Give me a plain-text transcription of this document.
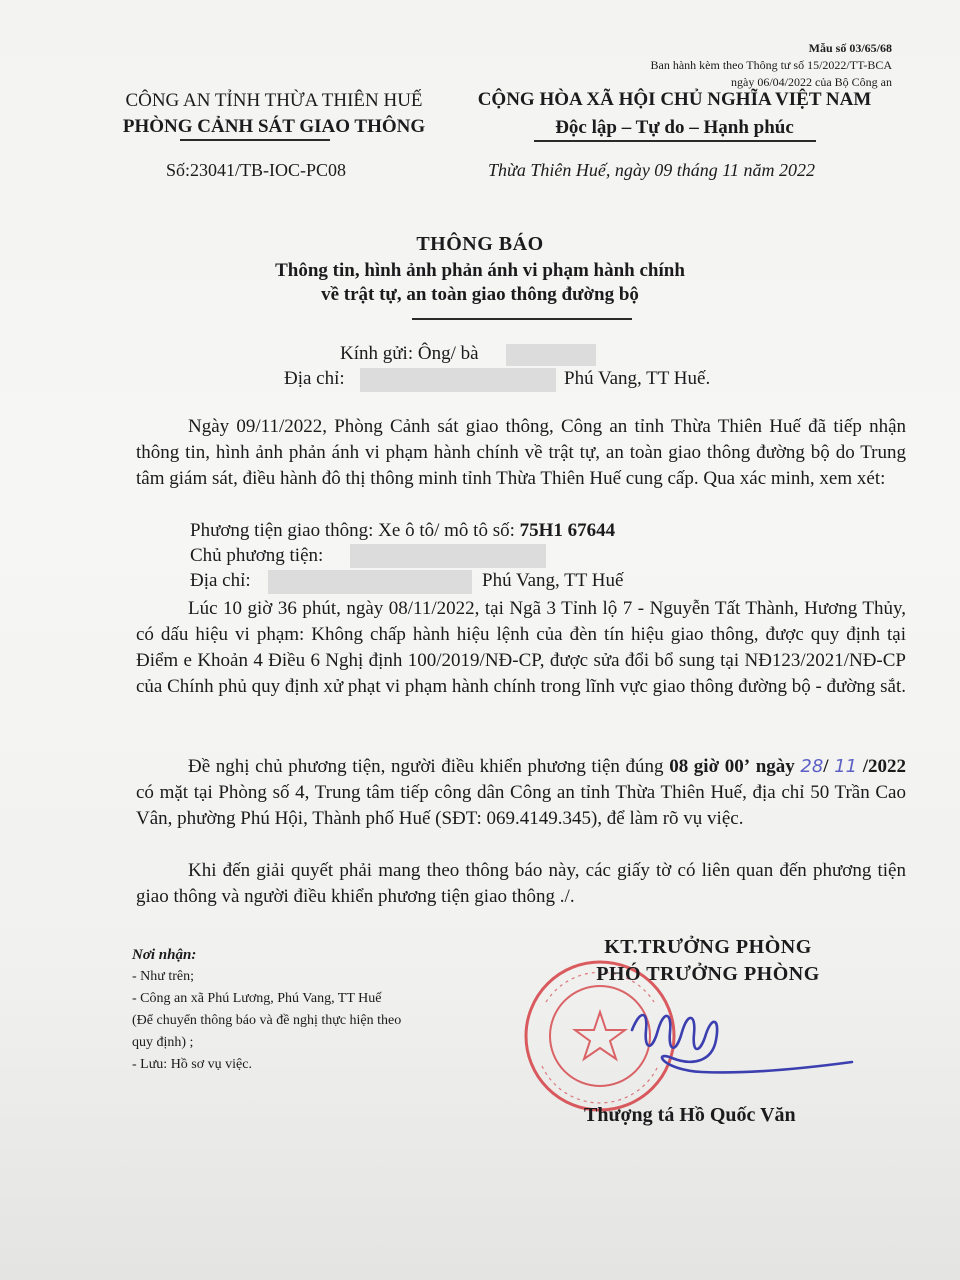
Mẫu số 03/65/68
Ban hành kèm theo Thông tư số 15/2022/TT-BCA
ngày 06/04/2022 của Bộ Công an
CÔNG AN TỈNH THỪA THIÊN HUẾ
PHÒNG CẢNH SÁT GIAO THÔNG
CỘNG HÒA XÃ HỘI CHỦ NGHĨA VIỆT NAM
Độc lập – Tự do – Hạnh phúc
Số:23041/TB-IOC-PC08	Thừa Thiên Huế, ngày 09 tháng 11 năm 2022
THÔNG BÁO
Thông tin, hình ảnh phản ánh vi phạm hành chính
về trật tự, an toàn giao thông đường bộ
Kính gửi: Ông/ bà
Địa chỉ:	Phú Vang, TT Huế.
Ngày 09/11/2022, Phòng Cảnh sát giao thông, Công an tỉnh Thừa Thiên Huế đã tiếp nhận thông tin, hình ảnh phản ánh vi phạm hành chính về trật tự, an toàn giao thông đường bộ do Trung tâm giám sát, điều hành đô thị thông minh tỉnh Thừa Thiên Huế cung cấp. Qua xác minh, xem xét:
Phương tiện giao thông: Xe ô tô/ mô tô số: 75H1 67644
Chủ phương tiện:
Địa chỉ:	Phú Vang, TT Huế
Lúc 10 giờ 36 phút, ngày 08/11/2022, tại Ngã 3 Tỉnh lộ 7 - Nguyễn Tất Thành, Hương Thủy, có dấu hiệu vi phạm: Không chấp hành hiệu lệnh của đèn tín hiệu giao thông, được quy định tại Điểm e Khoản 4 Điều 6 Nghị định 100/2019/NĐ-CP, được sửa đổi bổ sung tại NĐ123/2021/NĐ-CP của Chính phủ quy định xử phạt vi phạm hành chính trong lĩnh vực giao thông đường bộ - đường sắt.
Đề nghị chủ phương tiện, người điều khiển phương tiện đúng 08 giờ 00’ ngày 28/ 11 /2022 có mặt tại Phòng số 4, Trung tâm tiếp công dân Công an tỉnh Thừa Thiên Huế, địa chỉ 50 Trần Cao Vân, phường Phú Hội, Thành phố Huế (SĐT: 069.4149.345), để làm rõ vụ việc.
Khi đến giải quyết phải mang theo thông báo này, các giấy tờ có liên quan đến phương tiện giao thông và người điều khiển phương tiện giao thông ./.
Nơi nhận:
- Như trên;
- Công an xã Phú Lương, Phú Vang, TT Huế
(Để chuyển thông báo và đề nghị thực hiện theo
quy định) ;
- Lưu: Hồ sơ vụ việc.
KT.TRƯỞNG PHÒNG
PHÓ TRƯỞNG PHÒNG
Thượng tá Hồ Quốc Văn
